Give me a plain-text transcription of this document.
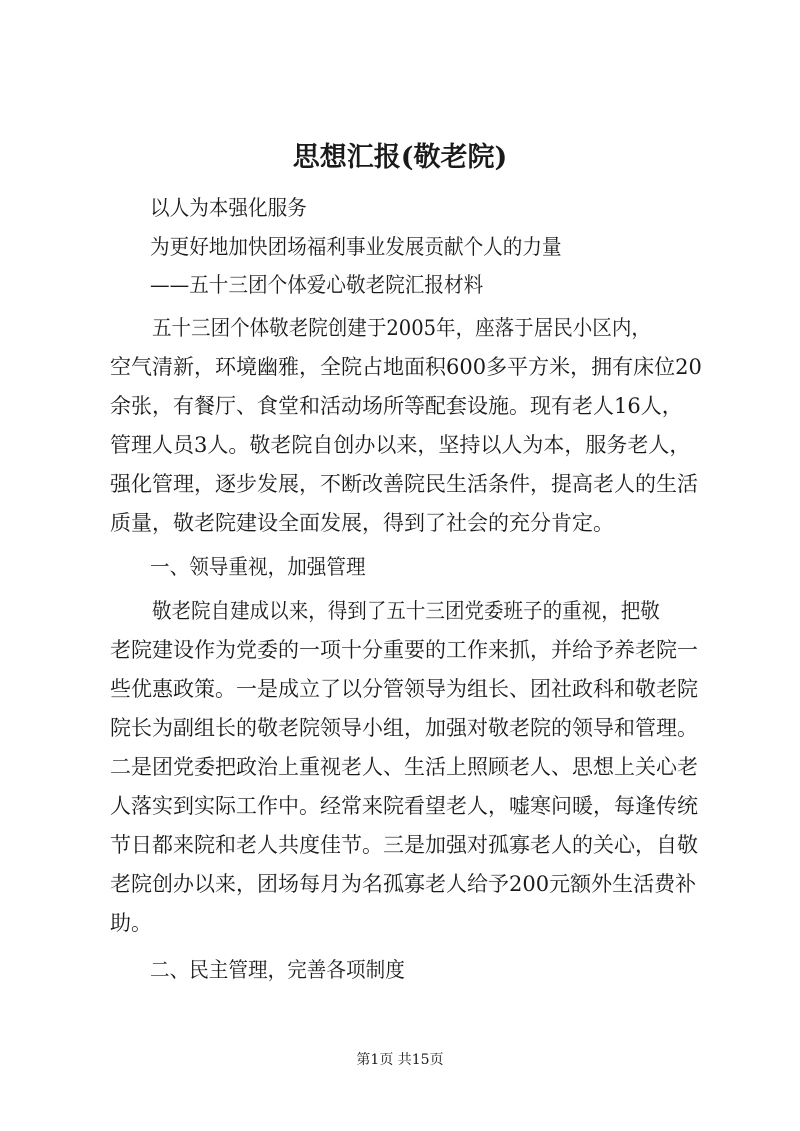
思想汇报(敬老院)
以人为本强化服务
为更好地加快团场福利事业发展贡献个人的力量
——五十三团个体爱心敬老院汇报材料
五十三团个体敬老院创建于2005年，座落于居民小区内，
空气清新，环境幽雅，全院占地面积600多平方米，拥有床位20
余张，有餐厅、食堂和活动场所等配套设施。现有老人16人，
管理人员3人。敬老院自创办以来，坚持以人为本，服务老人，
强化管理，逐步发展，不断改善院民生活条件，提高老人的生活
质量，敬老院建设全面发展，得到了社会的充分肯定。
一、领导重视，加强管理
敬老院自建成以来，得到了五十三团党委班子的重视，把敬
老院建设作为党委的一项十分重要的工作来抓，并给予养老院一
些优惠政策。一是成立了以分管领导为组长、团社政科和敬老院
院长为副组长的敬老院领导小组，加强对敬老院的领导和管理。
二是团党委把政治上重视老人、生活上照顾老人、思想上关心老
人落实到实际工作中。经常来院看望老人，嘘寒问暖，每逢传统
节日都来院和老人共度佳节。三是加强对孤寡老人的关心，自敬
老院创办以来，团场每月为名孤寡老人给予200元额外生活费补
助。
二、民主管理，完善各项制度
第1页 共15页
